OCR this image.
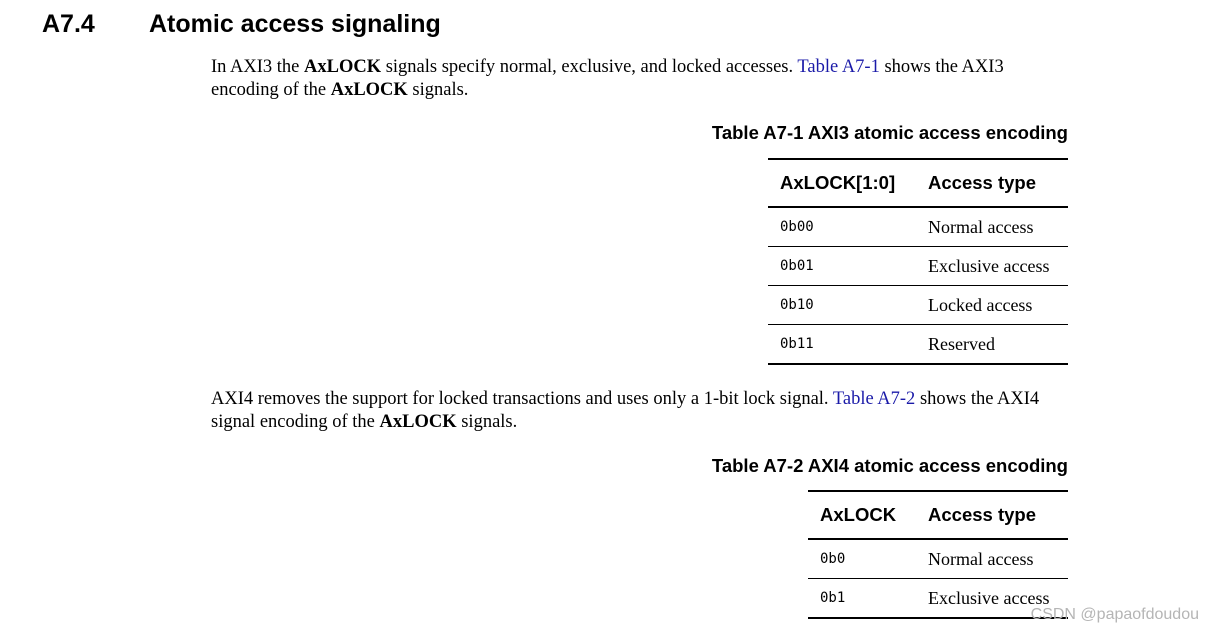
A7.4 Atomic access signaling
In AXI3 the AxLOCK signals specify normal, exclusive, and locked accesses. Table A7-1 shows the AXI3
encoding of the AxLOCK signals.
Table A7-1 AXI3 atomic access encoding
AxLOCK[1:0]	Access type
0b00	Normal access
0b01	Exclusive access
0b10	Locked access
0b11	Reserved
AXI4 removes the support for locked transactions and uses only a 1-bit lock signal. Table A7-2 shows the AXI4
signal encoding of the AxLOCK signals.
Table A7-2 AXI4 atomic access encoding
AxLOCK	Access type
0b0	Normal access
0b1	Exclusive access
CSDN @papaofdoudou
